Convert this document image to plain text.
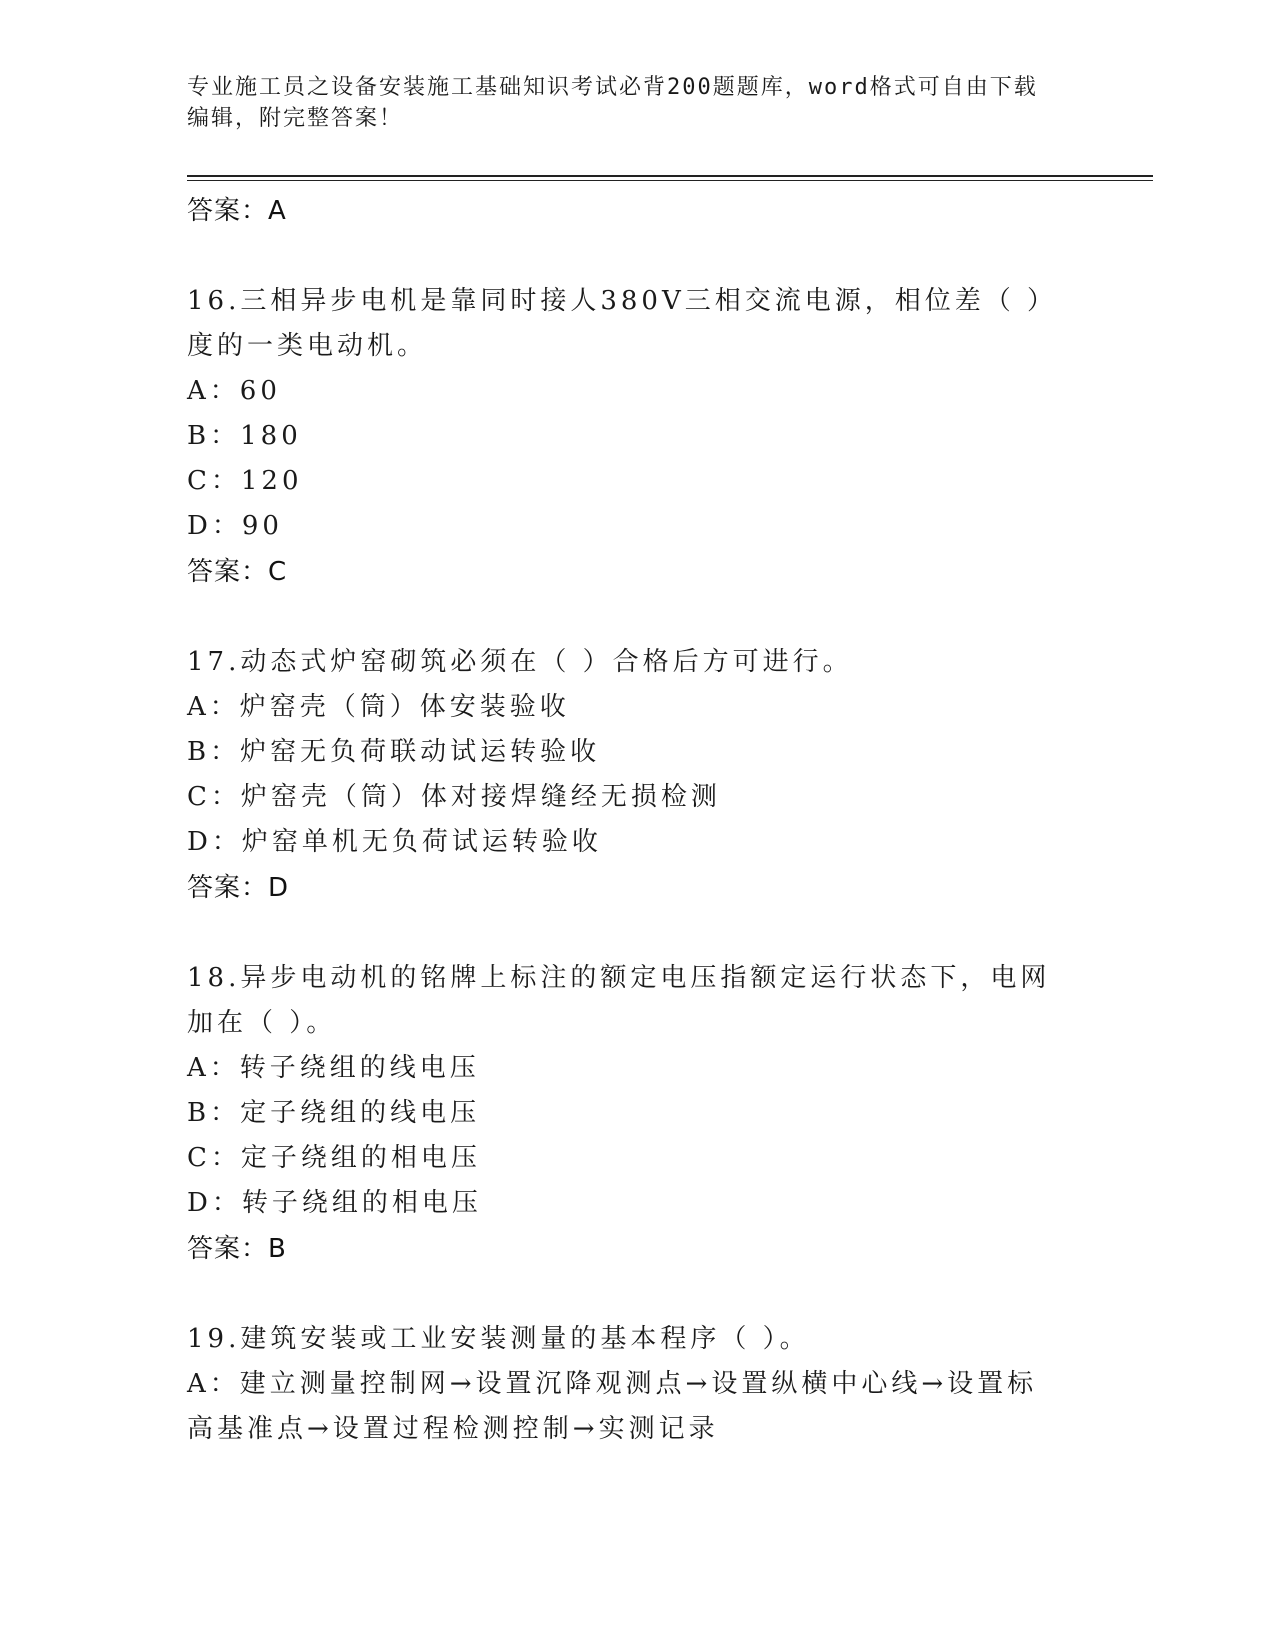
专业施工员之设备安装施工基础知识考试必背200题题库，word格式可自由下载
编辑，附完整答案！
答案：A
16.三相异步电机是靠同时接人380V三相交流电源，相位差（ ）度的一类电动机。
A：60
B：180
C：120
D：90
答案：C
17.动态式炉窑砌筑必须在（ ）合格后方可进行。
A：炉窑壳（筒）体安装验收
B：炉窑无负荷联动试运转验收
C：炉窑壳（筒）体对接焊缝经无损检测
D：炉窑单机无负荷试运转验收
答案：D
18.异步电动机的铭牌上标注的额定电压指额定运行状态下，电网加在（ ）。
A：转子绕组的线电压
B：定子绕组的线电压
C：定子绕组的相电压
D：转子绕组的相电压
答案：B
19.建筑安装或工业安装测量的基本程序（ ）。
A：建立测量控制网→设置沉降观测点→设置纵横中心线→设置标高基准点→设置过程检测控制→实测记录
